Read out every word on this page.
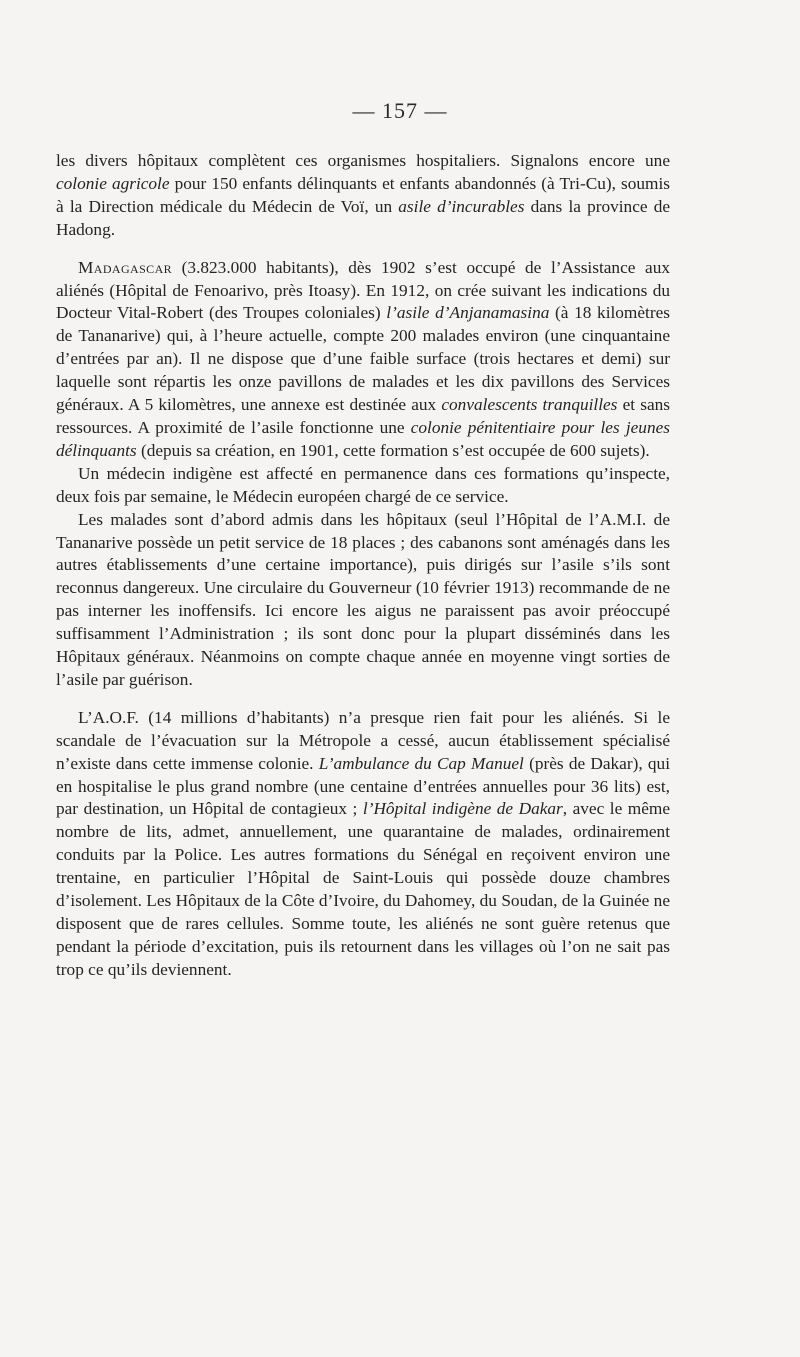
— 157 —

les divers hôpitaux complètent ces organismes hospitaliers. Signalons encore une colonie agricole pour 150 enfants délinquants et enfants abandonnés (à Tri-Cu), soumis à la Direction médicale du Médecin de Voï, un asile d’incurables dans la province de Hadong.

Madagascar (3.823.000 habitants), dès 1902 s’est occupé de l’Assistance aux aliénés (Hôpital de Fenoarivo, près Itoasy). En 1912, on crée suivant les indications du Docteur Vital-Robert (des Troupes coloniales) l’asile d’Anjanamasina (à 18 kilomètres de Tananarive) qui, à l’heure actuelle, compte 200 malades environ (une cinquantaine d’entrées par an). Il ne dispose que d’une faible surface (trois hectares et demi) sur laquelle sont répartis les onze pavillons de malades et les dix pavillons des Services généraux. A 5 kilomètres, une annexe est destinée aux convalescents tranquilles et sans ressources. A proximité de l’asile fonctionne une colonie pénitentiaire pour les jeunes délinquants (depuis sa création, en 1901, cette formation s’est occupée de 600 sujets).

Un médecin indigène est affecté en permanence dans ces formations qu’inspecte, deux fois par semaine, le Médecin européen chargé de ce service.

Les malades sont d’abord admis dans les hôpitaux (seul l’Hôpital de l’A.M.I. de Tananarive possède un petit service de 18 places ; des cabanons sont aménagés dans les autres établissements d’une certaine importance), puis dirigés sur l’asile s’ils sont reconnus dangereux. Une circulaire du Gouverneur (10 février 1913) recommande de ne pas interner les inoffensifs. Ici encore les aigus ne paraissent pas avoir préoccupé suffisamment l’Administration ; ils sont donc pour la plupart disséminés dans les Hôpitaux généraux. Néanmoins on compte chaque année en moyenne vingt sorties de l’asile par guérison.

L’A.O.F. (14 millions d’habitants) n’a presque rien fait pour les aliénés. Si le scandale de l’évacuation sur la Métropole a cessé, aucun établissement spécialisé n’existe dans cette immense colonie. L’ambulance du Cap Manuel (près de Dakar), qui en hospitalise le plus grand nombre (une centaine d’entrées annuelles pour 36 lits) est, par destination, un Hôpital de contagieux ; l’Hôpital indigène de Dakar, avec le même nombre de lits, admet, annuellement, une quarantaine de malades, ordinairement conduits par la Police. Les autres formations du Sénégal en reçoivent environ une trentaine, en particulier l’Hôpital de Saint-Louis qui possède douze chambres d’isolement. Les Hôpitaux de la Côte d’Ivoire, du Dahomey, du Soudan, de la Guinée ne disposent que de rares cellules. Somme toute, les aliénés ne sont guère retenus que pendant la période d’excitation, puis ils retournent dans les villages où l’on ne sait pas trop ce qu’ils deviennent.
